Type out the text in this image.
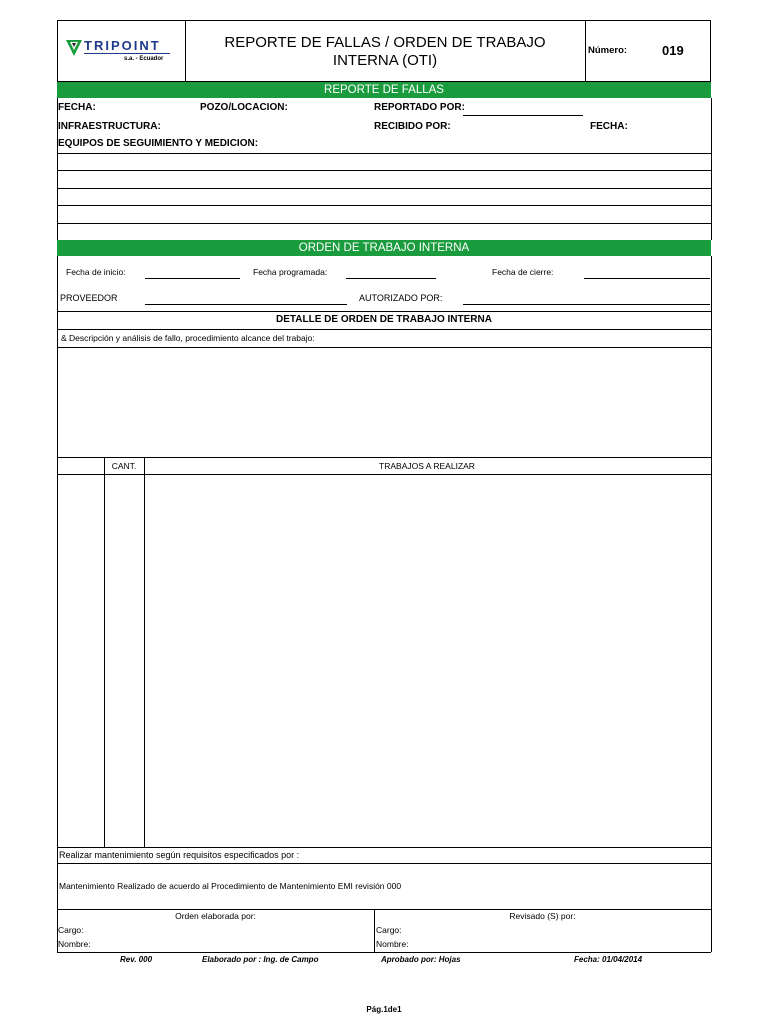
TRIPOINT
s.a. - Ecuador
REPORTE DE FALLAS / ORDEN DE TRABAJO INTERNA (OTI)
Número:	019
REPORTE DE FALLAS
FECHA:	POZO/LOCACION:	REPORTADO POR:
INFRAESTRUCTURA:	RECIBIDO POR:	FECHA:
EQUIPOS DE SEGUIMIENTO Y MEDICION:
ORDEN DE TRABAJO INTERNA
Fecha de inicio:	Fecha programada:	Fecha de cierre:
PROVEEDOR	AUTORIZADO POR:
DETALLE DE ORDEN DE TRABAJO INTERNA
& Descripción y análisis de fallo, procedimiento alcance del trabajo:
CANT.	TRABAJOS A REALIZAR
Realizar mantenimiento según requisitos especificados por :
Mantenimiento Realizado de acuerdo al Procedimiento de Mantenimiento EMI revisión 000
Orden elaborada por:	Revisado (S) por:
Cargo:
Nombre:
Cargo:
Nombre:
Rev. 000	Elaborado por : Ing. de Campo	Aprobado por: Hojas	Fecha: 01/04/2014
Pág.1de1
